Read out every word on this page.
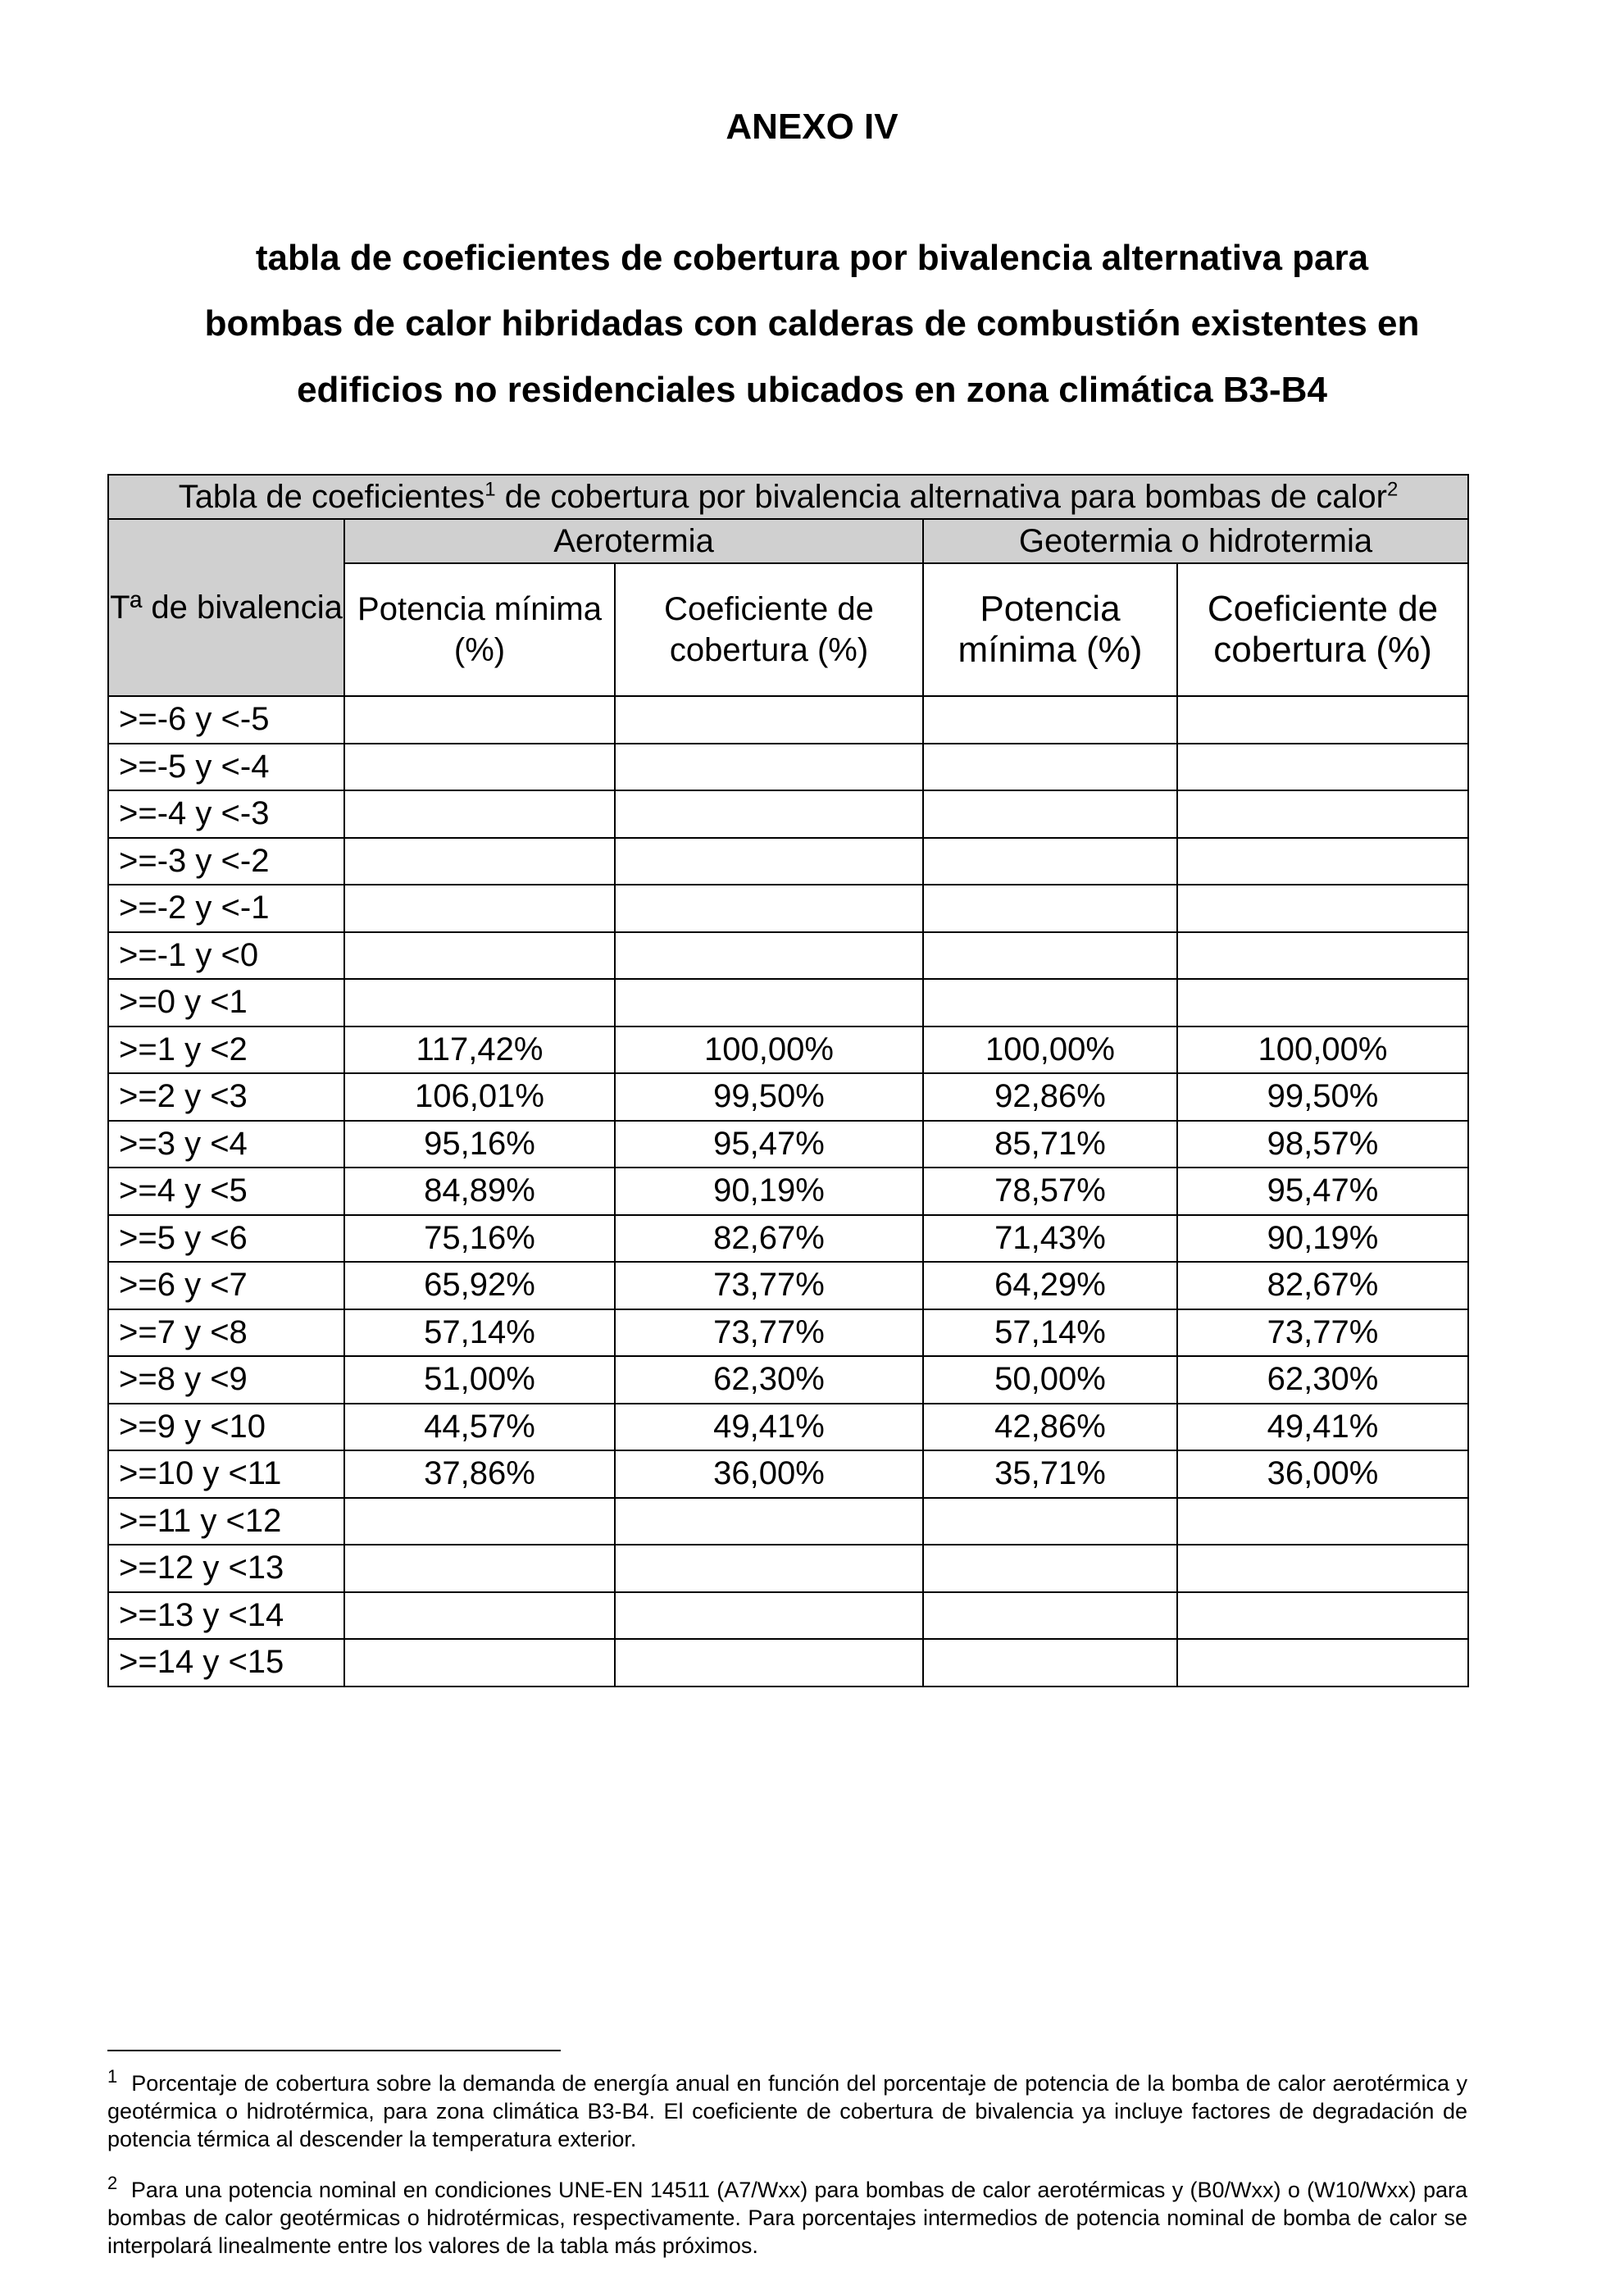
ANEXO IV
tabla de coeficientes de cobertura por bivalencia alternativa para
bombas de calor hibridadas con calderas de combustión existentes en
edificios no residenciales ubicados en zona climática B3-B4
Tabla de coeficientes$^1$ de cobertura por bivalencia alternativa para bombas de calor$^2$
Tª de bivalencia	Aerotermia		Geotermia o hidrotermia	
	Potencia mínima (%)	Coeficiente de cobertura (%)	Potencia mínima (%)	Coeficiente de cobertura (%)
>=-6 y <-5				
>=-5 y <-4				
>=-4 y <-3				
>=-3 y <-2				
>=-2 y <-1				
>=-1 y <0				
>=0 y <1				
>=1 y <2	117,42%	100,00%	100,00%	100,00%
>=2 y <3	106,01%	99,50%	92,86%	99,50%
>=3 y <4	95,16%	95,47%	85,71%	98,57%
>=4 y <5	84,89%	90,19%	78,57%	95,47%
>=5 y <6	75,16%	82,67%	71,43%	90,19%
>=6 y <7	65,92%	73,77%	64,29%	82,67%
>=7 y <8	57,14%	73,77%	57,14%	73,77%
>=8 y <9	51,00%	62,30%	50,00%	62,30%
>=9 y <10	44,57%	49,41%	42,86%	49,41%
>=10 y <11	37,86%	36,00%	35,71%	36,00%
>=11 y <12				
>=12 y <13				
>=13 y <14				
>=14 y <15				
$^1$ Porcentaje de cobertura sobre la demanda de energía anual en función del porcentaje de potencia de la bomba de calor aerotérmica y geotérmica o hidrotérmica, para zona climática B3-B4. El coeficiente de cobertura de bivalencia ya incluye factores de degradación de potencia térmica al descender la temperatura exterior.
$^2$ Para una potencia nominal en condiciones UNE-EN 14511 (A7/Wxx) para bombas de calor aerotérmicas y (B0/Wxx) o (W10/Wxx) para bombas de calor geotérmicas o hidrotérmicas, respectivamente. Para porcentajes intermedios de potencia nominal de bomba de calor se interpolará linealmente entre los valores de la tabla más próximos.
